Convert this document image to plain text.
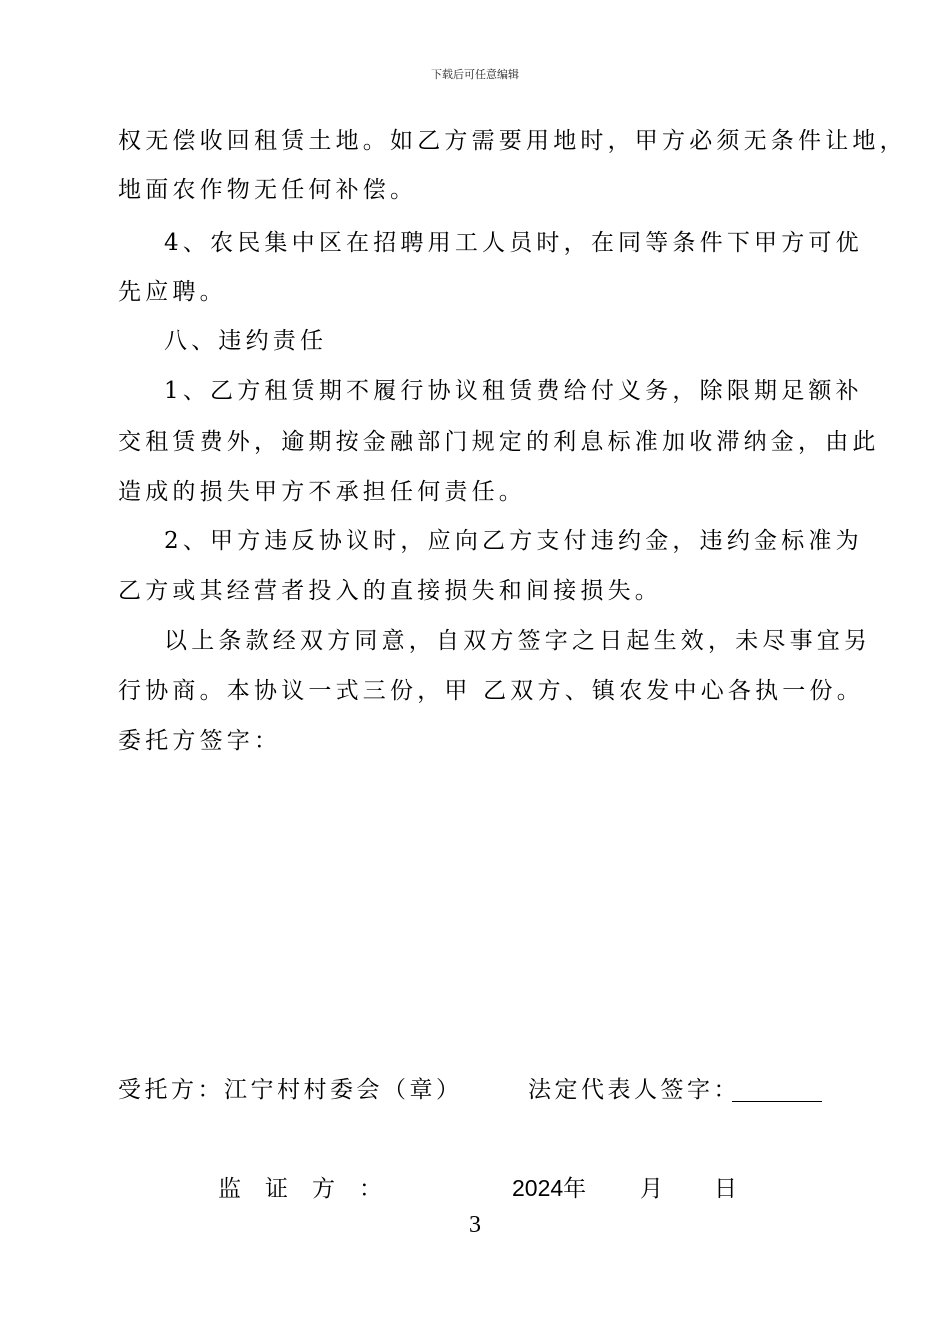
下载后可任意编辑
权无偿收回租赁土地。如乙方需要用地时，甲方必须无条件让地，
地面农作物无任何补偿。
4、农民集中区在招聘用工人员时，在同等条件下甲方可优
先应聘。
八、违约责任
1、乙方租赁期不履行协议租赁费给付义务，除限期足额补
交租赁费外，逾期按金融部门规定的利息标准加收滞纳金，由此
造成的损失甲方不承担任何责任。
2、甲方违反协议时，应向乙方支付违约金，违约金标准为
乙方或其经营者投入的直接损失和间接损失。
以上条款经双方同意，自双方签字之日起生效，未尽事宜另
行协商。本协议一式三份，甲 乙双方、镇农发中心各执一份。
委托方签字：
受托方：江宁村村委会（章）	法定代表人签字：
监证方：	2024年 月 日
3
